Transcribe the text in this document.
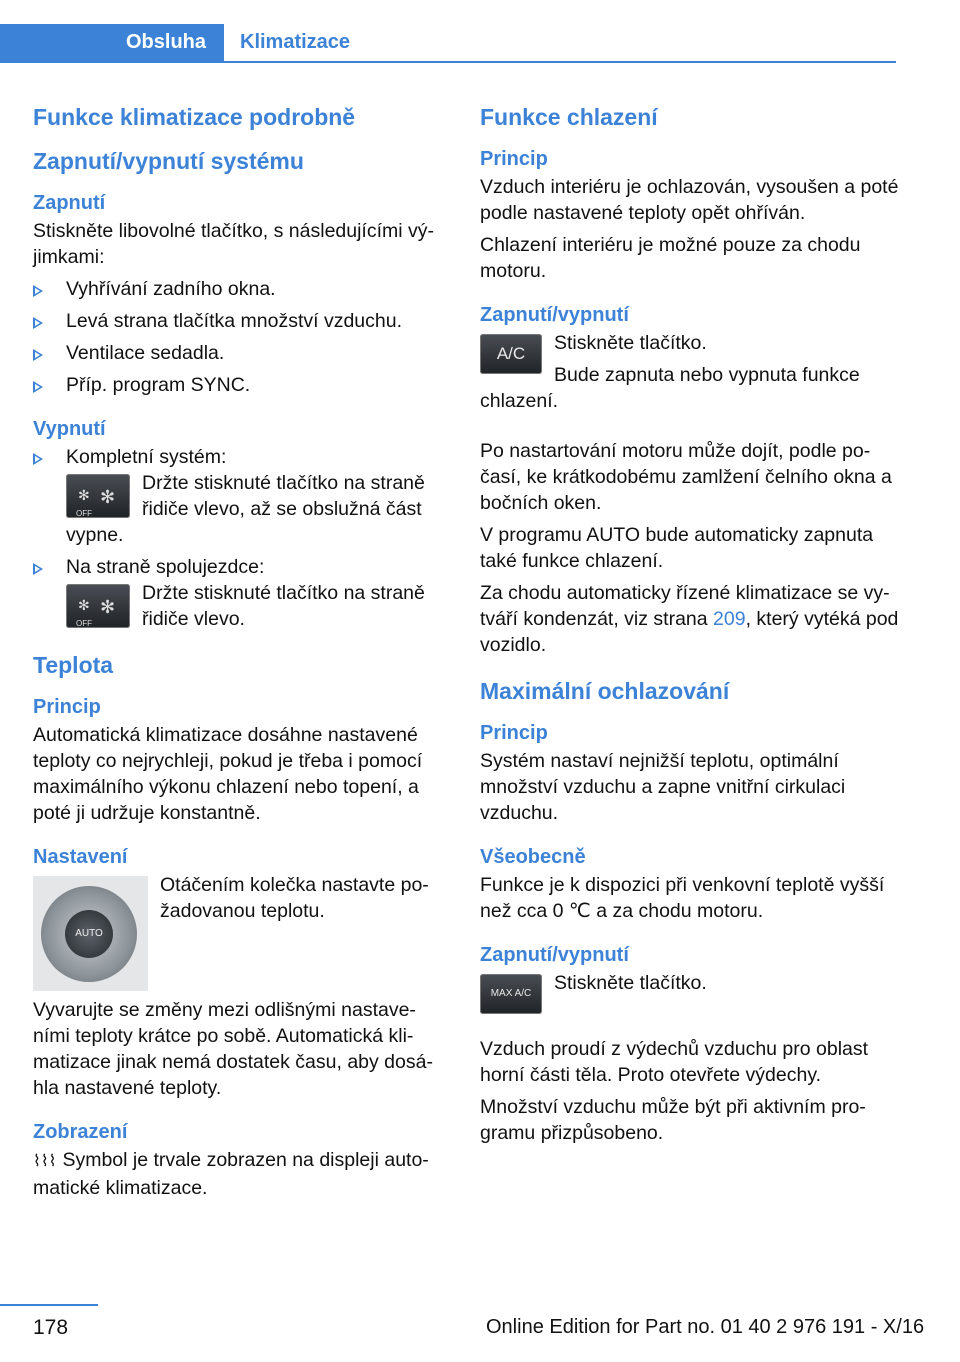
Obsluha	Klimatizace
Funkce klimatizace podrobně
Zapnutí/vypnutí systému
Zapnutí

Stiskněte libovolné tlačítko, s následujícími vý‐ jimkami:

Vyhřívání zadního okna.
Levá strana tlačítka množství vzduchu.
Ventilace sedadla.
Příp. program SYNC.
Vypnutí
Kompletní systém:
✻ ✻
OFF
Držte stisknuté tlačítko na straně řidiče vlevo, až se obslužná část vypne.
Na straně spolujezdce:
✻ ✻
OFF
Držte stisknuté tlačítko na straně řidiče vlevo.
Teplota
Princip

Automatická klimatizace dosáhne nastavené teploty co nejrychleji, pokud je třeba i pomocí maximálního výkonu chlazení nebo topení, a poté ji udržuje konstantně.

Nastavení
AUTO

Otáčením kolečka nastavte po‐ žadovanou teplotu.

Vyvarujte se změny mezi odlišnými nastave‐ ními teploty krátce po sobě. Automatická kli‐ matizace jinak nemá dostatek času, aby dosá‐ hla nastavené teploty.

Zobrazení

⌇⌇⌇ Symbol je trvale zobrazen na displeji auto‐ matické klimatizace.

Funkce chlazení
Princip

Vzduch interiéru je ochlazován, vysoušen a poté podle nastavené teploty opět ohříván.

Chlazení interiéru je možné pouze za chodu motoru.

Zapnutí/vypnutí
A/C	Stiskněte tlačítko.

Bude zapnuta nebo vypnuta funkce chlazení.

Po nastartování motoru může dojít, podle po‐ časí, ke krátkodobému zamlžení čelního okna a bočních oken.

V programu AUTO bude automaticky zapnuta také funkce chlazení.

Za chodu automaticky řízené klimatizace se vy‐ tváří kondenzát, viz strana 209, který vytéká pod vozidlo.

Maximální ochlazování
Princip

Systém nastaví nejnižší teplotu, optimální množství vzduchu a zapne vnitřní cirkulaci vzduchu.

Všeobecně

Funkce je k dispozici při venkovní teplotě vyšší než cca 0 ℃ a za chodu motoru.

Zapnutí/vypnutí
MAX A/C	Stiskněte tlačítko.

Vzduch proudí z výdechů vzduchu pro oblast horní části těla. Proto otevřete výdechy.

Množství vzduchu může být při aktivním pro‐ gramu přizpůsobeno.

178	Online Edition for Part no. 01 40 2 976 191 - X/16
